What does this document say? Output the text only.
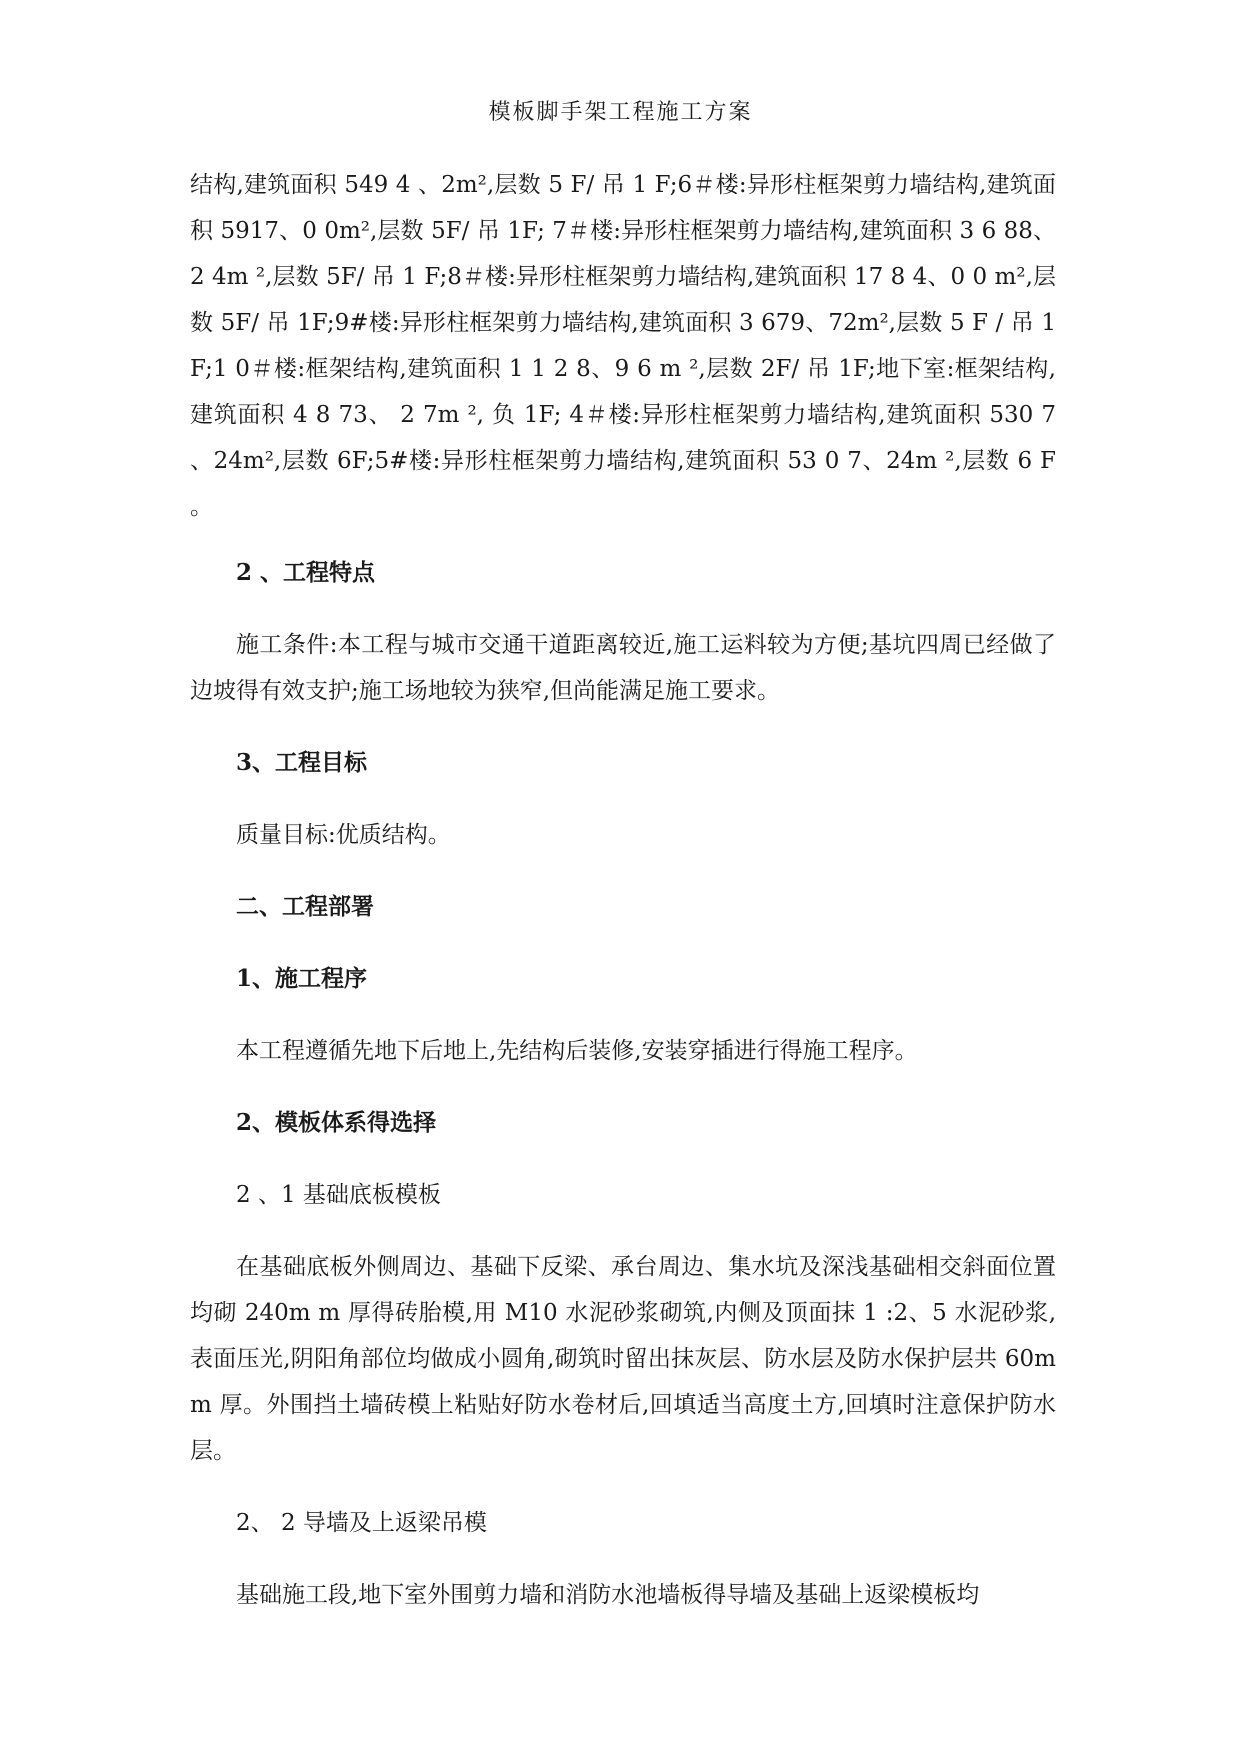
模板脚手架工程施工方案

结构,建筑面积 549 4 、2m²,层数 5 F/ 吊 1 F;6＃楼:异形柱框架剪力墙结构,建筑面积 5917、0 0m²,层数 5F/ 吊 1F; 7＃楼:异形柱框架剪力墙结构,建筑面积 3 6 88、2 4m ²,层数 5F/ 吊 1 F;8＃楼:异形柱框架剪力墙结构,建筑面积 17 8 4、0 0 m²,层数 5F/ 吊 1F;9#楼:异形柱框架剪力墙结构,建筑面积 3 679、72m²,层数 5 F / 吊 1F;1 0＃楼:框架结构,建筑面积 1 1 2 8、9 6 m ²,层数 2F/ 吊 1F;地下室:框架结构,建筑面积 4 8 73、 2 7m ², 负 1F; 4＃楼:异形柱框架剪力墙结构,建筑面积 530 7 、24m²,层数 6F;5#楼:异形柱框架剪力墙结构,建筑面积 53 0 7、24m ²,层数 6 F 。

2 、工程特点

施工条件:本工程与城市交通干道距离较近,施工运料较为方便;基坑四周已经做了边坡得有效支护;施工场地较为狭窄,但尚能满足施工要求。

3、工程目标

质量目标:优质结构。

二、工程部署

1、施工程序

本工程遵循先地下后地上,先结构后装修,安装穿插进行得施工程序。

2、模板体系得选择

2 、1 基础底板模板

在基础底板外侧周边、基础下反梁、承台周边、集水坑及深浅基础相交斜面位置均砌 240m m 厚得砖胎模,用 M10 水泥砂浆砌筑,内侧及顶面抹 1 :2、5 水泥砂浆,表面压光,阴阳角部位均做成小圆角,砌筑时留出抹灰层、防水层及防水保护层共 60m m 厚。外围挡土墙砖模上粘贴好防水卷材后,回填适当高度土方,回填时注意保护防水层。

2、 2 导墙及上返梁吊模

基础施工段,地下室外围剪力墙和消防水池墙板得导墙及基础上返梁模板均
